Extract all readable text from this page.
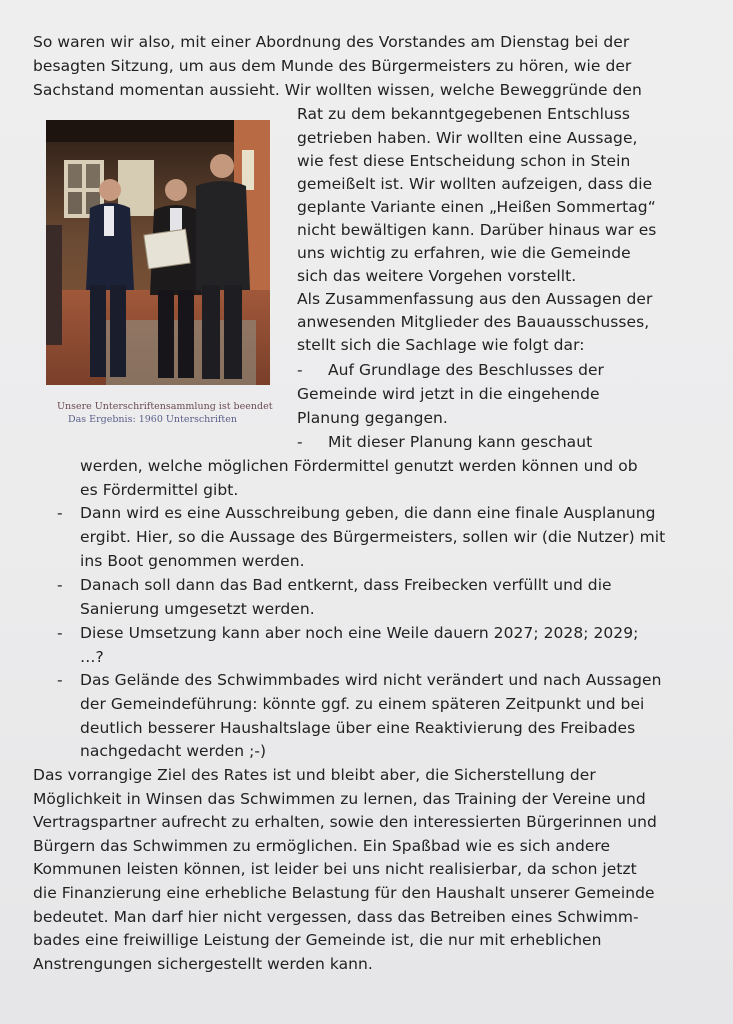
So waren wir also, mit einer Abordnung des Vorstandes am Dienstag bei der
besagten Sitzung, um aus dem Munde des Bürgermeisters zu hören, wie der
Sachstand momentan aussieht. Wir wollten wissen, welche Beweggründe den
Rat zu dem bekanntgegebenen Entschluss
getrieben haben. Wir wollten eine Aussage,
wie fest diese Entscheidung schon in Stein
gemeißelt ist. Wir wollten aufzeigen, dass die
geplante Variante einen „Heißen Sommertag“
nicht bewältigen kann. Darüber hinaus war es
uns wichtig zu erfahren, wie die Gemeinde
sich das weitere Vorgehen vorstellt.
Als Zusammenfassung aus den Aussagen der
anwesenden Mitglieder des Bauausschusses,
stellt sich die Sachlage wie folgt dar:
Unsere Unterschriftensammlung ist beendet
Das Ergebnis: 1960 Unterschriften
- Auf Grundlage des Beschlusses der
Gemeinde wird jetzt in die eingehende
Planung gegangen.
- Mit dieser Planung kann geschaut
werden, welche möglichen Fördermittel genutzt werden können und ob
es Fördermittel gibt.
- Dann wird es eine Ausschreibung geben, die dann eine finale Ausplanung
ergibt. Hier, so die Aussage des Bürgermeisters, sollen wir (die Nutzer) mit
ins Boot genommen werden.
- Danach soll dann das Bad entkernt, dass Freibecken verfüllt und die
Sanierung umgesetzt werden.
- Diese Umsetzung kann aber noch eine Weile dauern 2027; 2028; 2029;
…?
- Das Gelände des Schwimmbades wird nicht verändert und nach Aussagen
der Gemeindeführung: könnte ggf. zu einem späteren Zeitpunkt und bei
deutlich besserer Haushaltslage über eine Reaktivierung des Freibades
nachgedacht werden ;-)
Das vorrangige Ziel des Rates ist und bleibt aber, die Sicherstellung der
Möglichkeit in Winsen das Schwimmen zu lernen, das Training der Vereine und
Vertragspartner aufrecht zu erhalten, sowie den interessierten Bürgerinnen und
Bürgern das Schwimmen zu ermöglichen. Ein Spaßbad wie es sich andere
Kommunen leisten können, ist leider bei uns nicht realisierbar, da schon jetzt
die Finanzierung eine erhebliche Belastung für den Haushalt unserer Gemeinde
bedeutet. Man darf hier nicht vergessen, dass das Betreiben eines Schwimm-
bades eine freiwillige Leistung der Gemeinde ist, die nur mit erheblichen
Anstrengungen sichergestellt werden kann.
